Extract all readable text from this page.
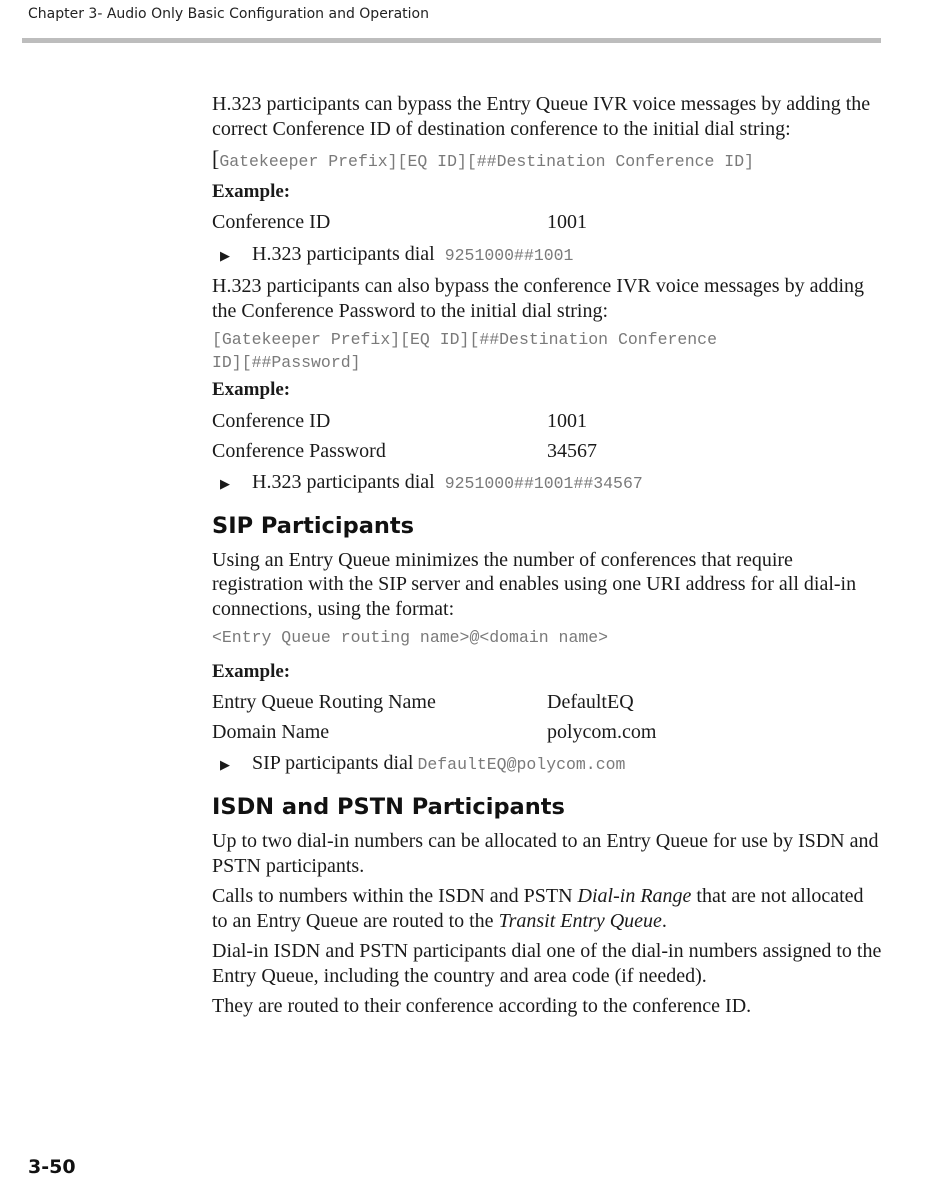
Chapter 3- Audio Only Basic Configuration and Operation

H.323 participants can bypass the Entry Queue IVR voice messages by adding the correct Conference ID of destination conference to the initial dial string:

[Gatekeeper Prefix][EQ ID][##Destination Conference ID]

Example:

Conference ID	1001
▶	H.323 participants dial 9251000##1001

H.323 participants can also bypass the conference IVR voice messages by adding the Conference Password to the initial dial string:

[Gatekeeper Prefix][EQ ID][##Destination Conference

ID][##Password]

Example:

Conference ID	1001
Conference Password	34567
▶	H.323 participants dial 9251000##1001##34567
SIP Participants

Using an Entry Queue minimizes the number of conferences that require registration with the SIP server and enables using one URI address for all dial-in connections, using the format:

<Entry Queue routing name>@<domain name>

Example:

Entry Queue Routing Name	DefaultEQ
Domain Name	polycom.com
▶	SIP participants dial DefaultEQ@polycom.com
ISDN and PSTN Participants

Up to two dial-in numbers can be allocated to an Entry Queue for use by ISDN and PSTN participants.

Calls to numbers within the ISDN and PSTN Dial-in Range that are not allocated to an Entry Queue are routed to the Transit Entry Queue.

Dial-in ISDN and PSTN participants dial one of the dial-in numbers assigned to the Entry Queue, including the country and area code (if needed).

They are routed to their conference according to the conference ID.

3-50
